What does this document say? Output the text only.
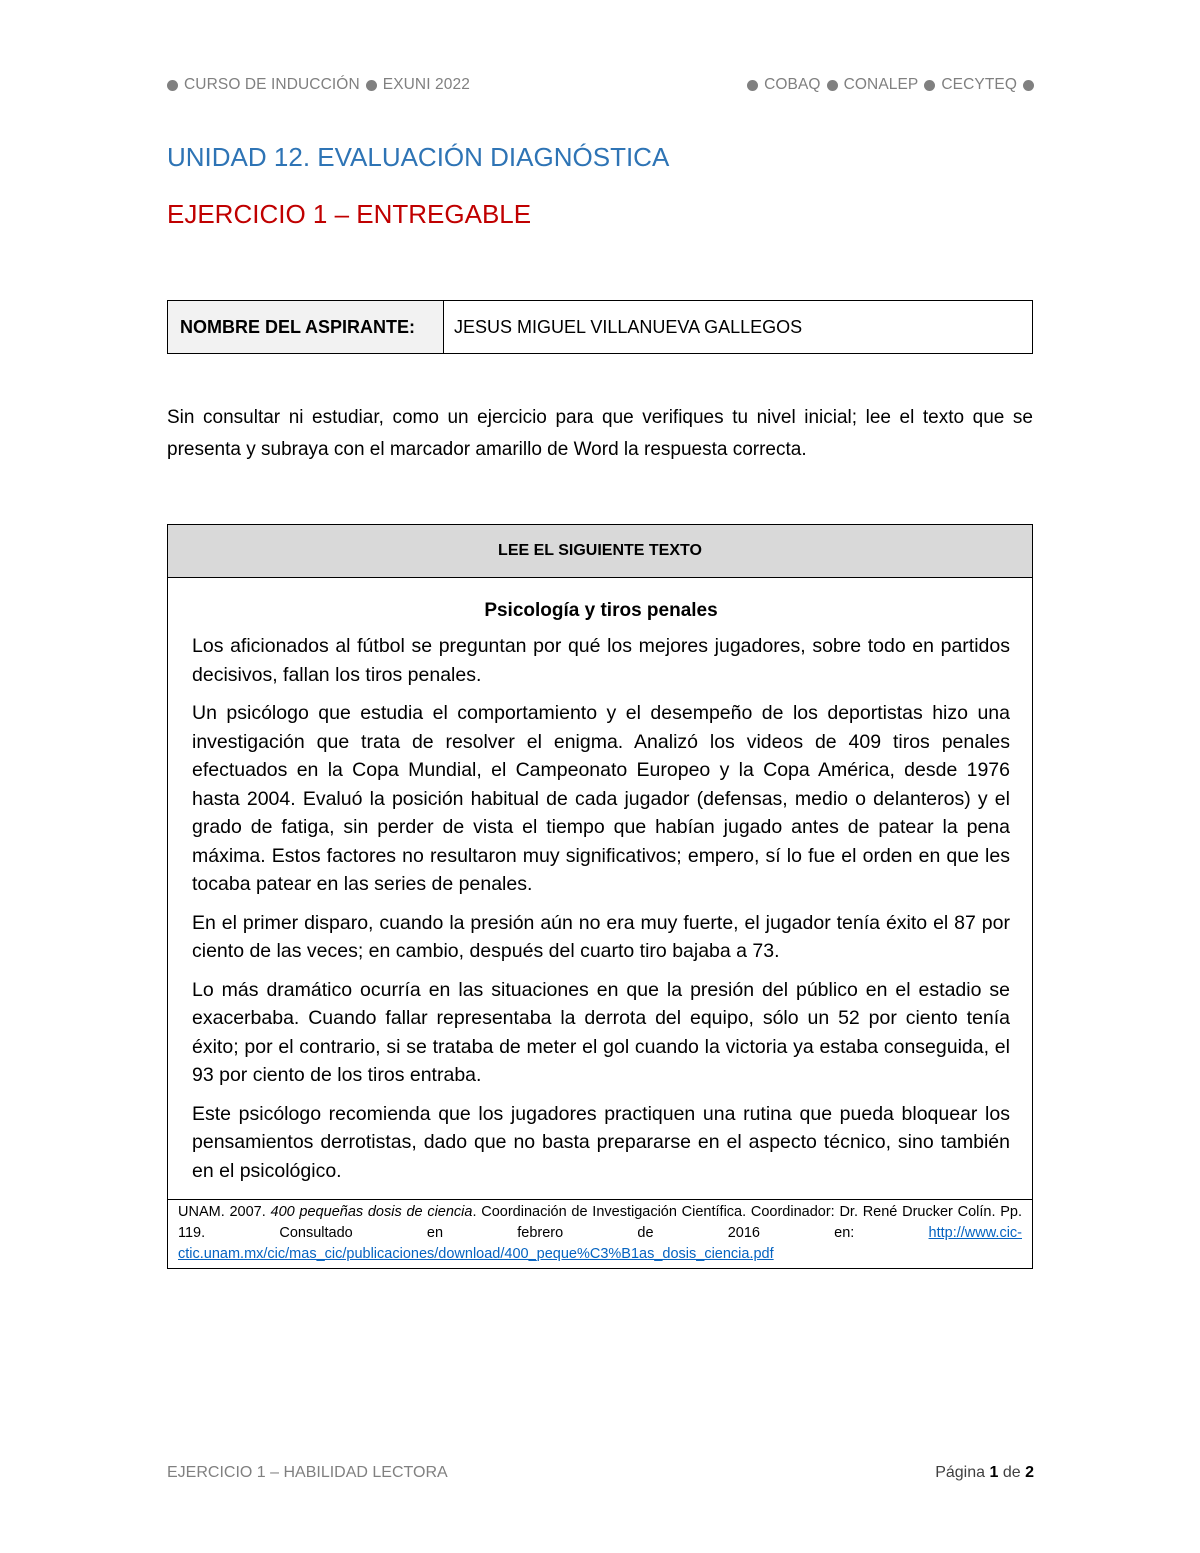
CURSO DE INDUCCIÓN EXUNI 2022	COBAQ CONALEP CECYTEQ
UNIDAD 12. EVALUACIÓN DIAGNÓSTICA
EJERCICIO 1 – ENTREGABLE
NOMBRE DEL ASPIRANTE:	JESUS MIGUEL VILLANUEVA GALLEGOS

Sin consultar ni estudiar, como un ejercicio para que verifiques tu nivel inicial; lee el texto que se presenta y subraya con el marcador amarillo de Word la respuesta correcta.

LEE EL SIGUIENTE TEXTO

Psicología y tiros penales

Los aficionados al fútbol se preguntan por qué los mejores jugadores, sobre todo en partidos decisivos, fallan los tiros penales.

Un psicólogo que estudia el comportamiento y el desempeño de los deportistas hizo una investigación que trata de resolver el enigma. Analizó los videos de 409 tiros penales efectuados en la Copa Mundial, el Campeonato Europeo y la Copa América, desde 1976 hasta 2004. Evaluó la posición habitual de cada jugador (defensas, medio o delanteros) y el grado de fatiga, sin perder de vista el tiempo que habían jugado antes de patear la pena máxima. Estos factores no resultaron muy significativos; empero, sí lo fue el orden en que les tocaba patear en las series de penales.

En el primer disparo, cuando la presión aún no era muy fuerte, el jugador tenía éxito el 87 por ciento de las veces; en cambio, después del cuarto tiro bajaba a 73.

Lo más dramático ocurría en las situaciones en que la presión del público en el estadio se exacerbaba. Cuando fallar representaba la derrota del equipo, sólo un 52 por ciento tenía éxito; por el contrario, si se trataba de meter el gol cuando la victoria ya estaba conseguida, el 93 por ciento de los tiros entraba.

Este psicólogo recomienda que los jugadores practiquen una rutina que pueda bloquear los pensamientos derrotistas, dado que no basta prepararse en el aspecto técnico, sino también en el psicológico.

UNAM. 2007. 400 pequeñas dosis de ciencia. Coordinación de Investigación Científica. Coordinador: Dr. René Drucker Colín. Pp. 119. Consultado en febrero de 2016 en: http://www.cic-ctic.unam.mx/cic/mas_cic/publicaciones/download/400_peque%C3%B1as_dosis_ciencia.pdf
EJERCICIO 1 – HABILIDAD LECTORA	Página 1 de 2
